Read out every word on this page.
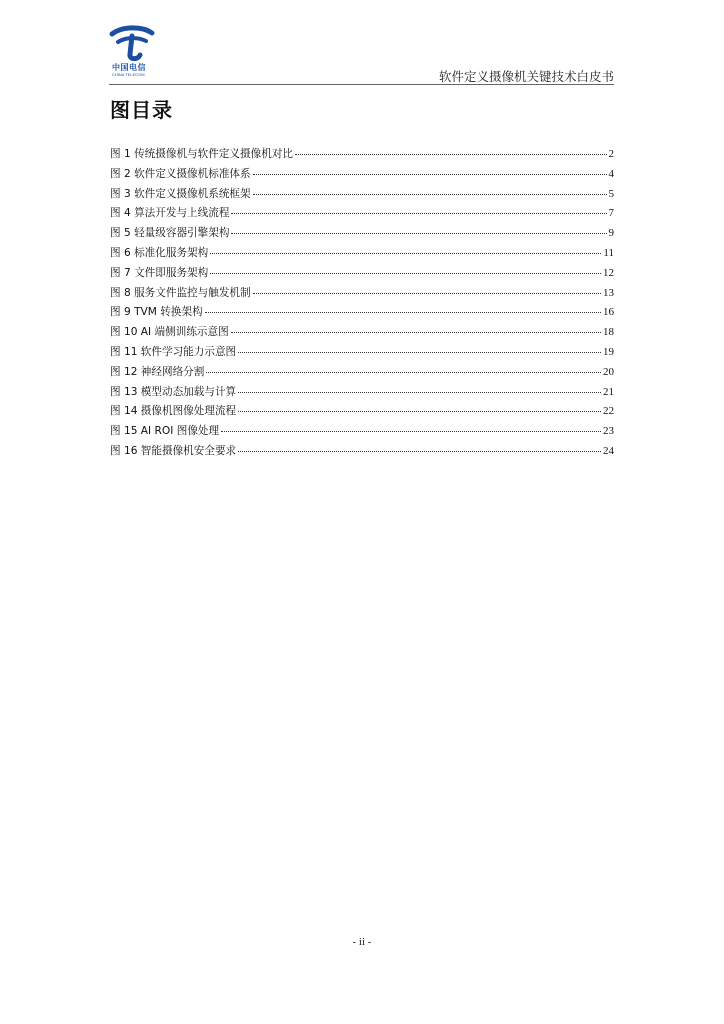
中国电信
CHINA TELECOM	软件定义摄像机关键技术白皮书
图目录
图 1 传统摄像机与软件定义摄像机对比	2
图 2 软件定义摄像机标准体系	4
图 3 软件定义摄像机系统框架	5
图 4 算法开发与上线流程	7
图 5 轻量级容器引擎架构	9
图 6 标准化服务架构	11
图 7 文件即服务架构	12
图 8 服务文件监控与触发机制	13
图 9 TVM 转换架构	16
图 10 AI 端侧训练示意图	18
图 11 软件学习能力示意图	19
图 12 神经网络分割	20
图 13 模型动态加载与计算	21
图 14 摄像机图像处理流程	22
图 15 AI ROI 图像处理	23
图 16 智能摄像机安全要求	24
- ii -
